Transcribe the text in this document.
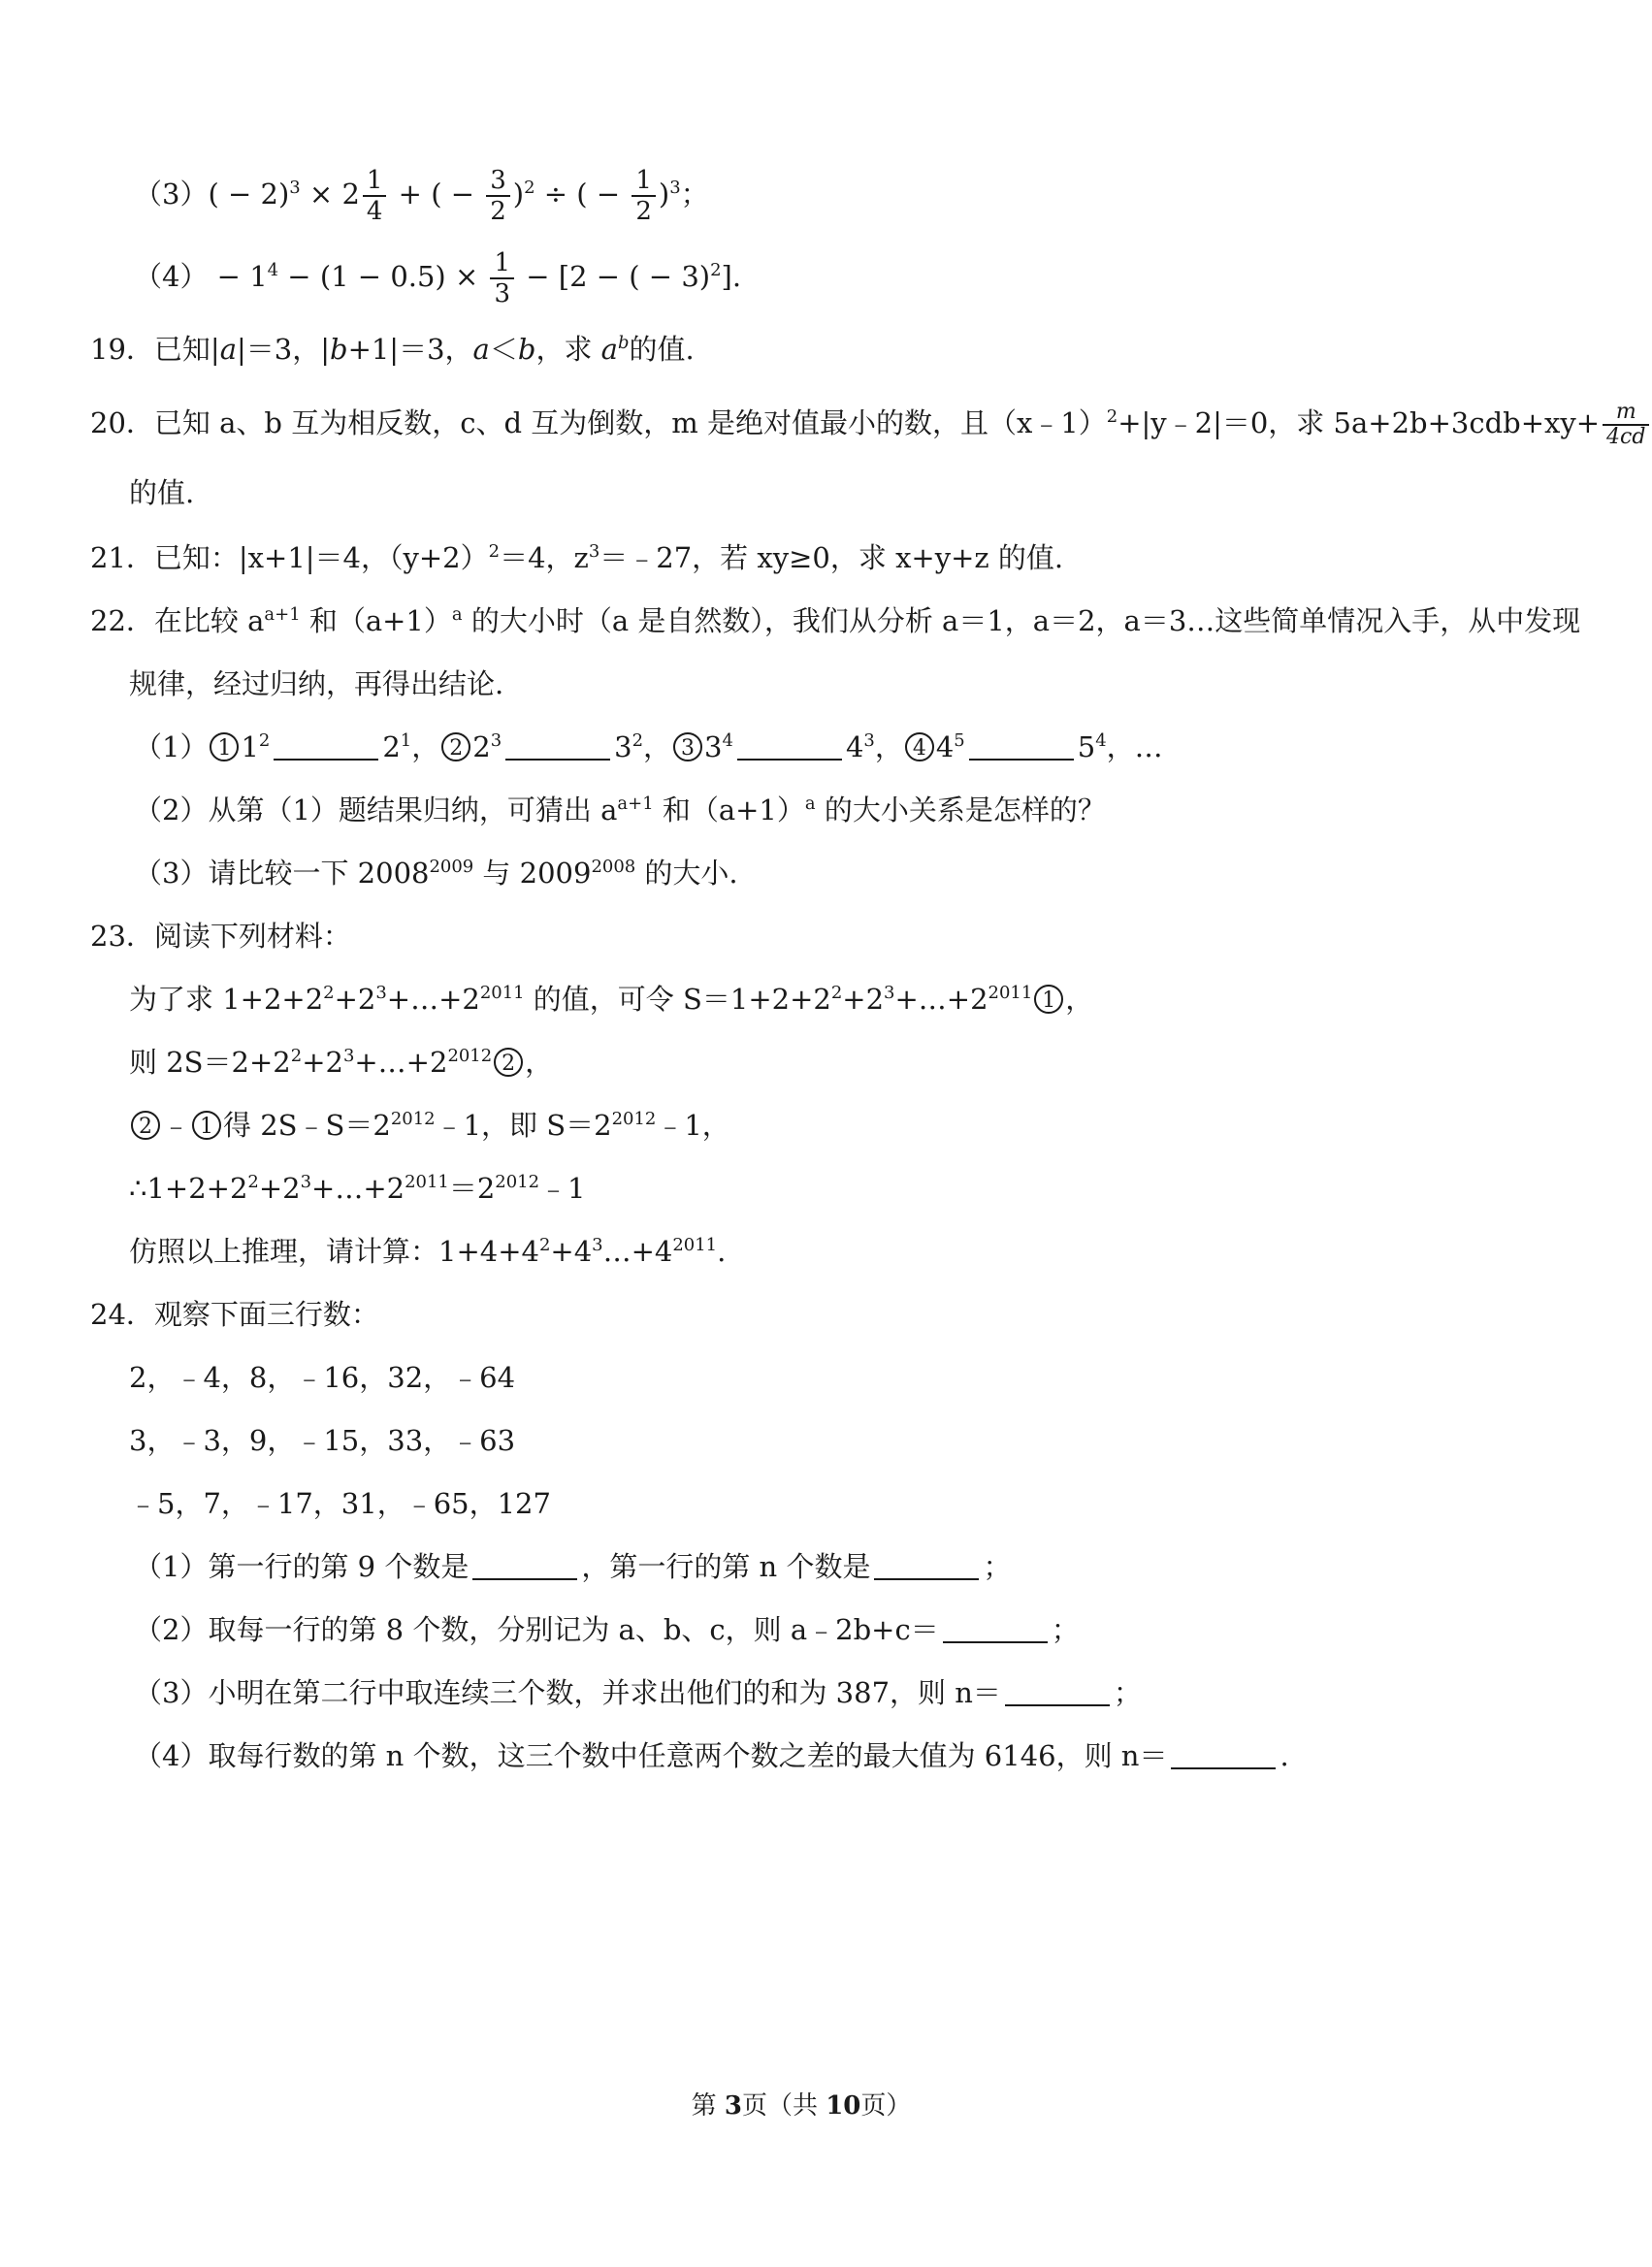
$(3)( - 2)^3 \times 2 \frac{1}{4}$ + ( − $\frac{3}{2} )^2$ ÷ ( − $\frac{1}{2} )^3$；
$(4) - 1^4 - (1 - 0.5) \times \frac{1}{3} - [2$ − ( − 3)$^2$].
19．已知|a|＝3，|b+1|＝3，a＜b，求 $a^b$的值.
20．已知 a、b 互为相反数，c、d 互为倒数，m 是绝对值最小的数，且（x﹣1）$^2$+|y﹣2|＝0，求 $5a+2b+3cdb+xy+ \frac{m}{4cd}$
的值.
21．已知：|x+1|＝4，$(y+2)^2=4$，$z^3=﹣27$，若 xy≥0，求 x+y+z 的值.
22．在比较 $a^{a+1}$ 和$(a+1)^a$ 的大小时（a 是自然数），我们从分析 a＝1，a＝2，a＝3…这些简单情况入手，从中发现
规律，经过归纳，再得出结论.
（1） 1 $1^2$	$2^1$， 2 $2^3$	$3^2$， 3 $3^4$	$4^3$， 4 $4^5$	$5^4$，…
（2）从第（1）题结果归纳，可猜出 $a^{a+1}$ 和$(a+1)^a$ 的大小关系是怎样的？
（3）请比较一下 $2008^{2009}$ 与 $2009^{2008}$ 的大小.
23．阅读下列材料：
为了求 $1+2+2^2+2^3+\dots+2^{2011}$ 的值，可令 $S=1+2+2^2+2^3+\dots+2^{2011}$ 1 ，
则 $2S=2+2^2+2^3+\dots+2^{2012}$ 2 ，
2 ﹣ 1 得 $2S﹣S=2^{2012}﹣1$，即 $S=2^{2012}﹣1$，
$\therefore 1+2+2^2+2^3+\dots+2^{2011}=2^{2012}﹣1$
仿照以上推理，请计算：$1+4+4^2+4^3\dots+4^{2011}$.
24．观察下面三行数：
2，﹣4，8，﹣16，32，﹣64
3，﹣3，9，﹣15，33，﹣63
﹣5，7，﹣17，31，﹣65，127
（1）第一行的第 9 个数是	，第一行的第 n 个数是	；
（2）取每一行的第 8 个数，分别记为 a、b、c，则 a﹣2b+c＝	；
（3）小明在第二行中取连续三个数，并求出他们的和为 387，则 n＝	；
（4）取每行数的第 n 个数，这三个数中任意两个数之差的最大值为 6146，则 n＝	.
第 3页（共 10页）
